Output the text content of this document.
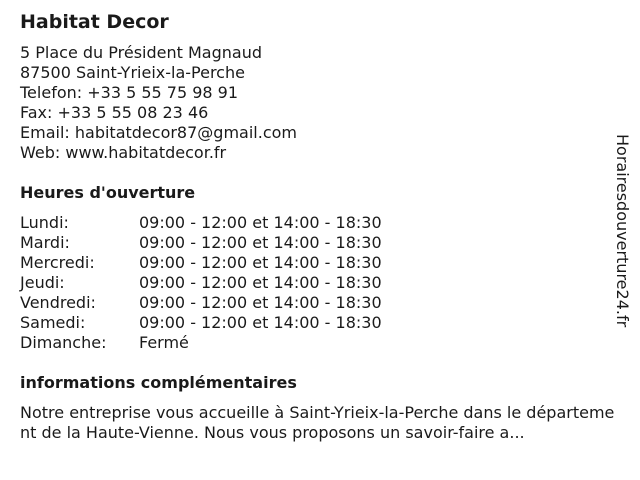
Habitat Decor
5 Place du Président Magnaud
87500 Saint-Yrieix-la-Perche
Telefon: +33 5 55 75 98 91
Fax: +33 5 55 08 23 46
Email: habitatdecor87@gmail.com
Web: www.habitatdecor.fr
Heures d'ouverture
Lundi:	09:00 - 12:00 et 14:00 - 18:30
Mardi:	09:00 - 12:00 et 14:00 - 18:30
Mercredi:	09:00 - 12:00 et 14:00 - 18:30
Jeudi:	09:00 - 12:00 et 14:00 - 18:30
Vendredi:	09:00 - 12:00 et 14:00 - 18:30
Samedi:	09:00 - 12:00 et 14:00 - 18:30
Dimanche: Fermé
informations complémentaires
Notre entreprise vous accueille à Saint-Yrieix-la-Perche dans le département de la Haute-Vienne. Nous vous proposons un savoir-faire a...
Horairesdouverture24.fr
